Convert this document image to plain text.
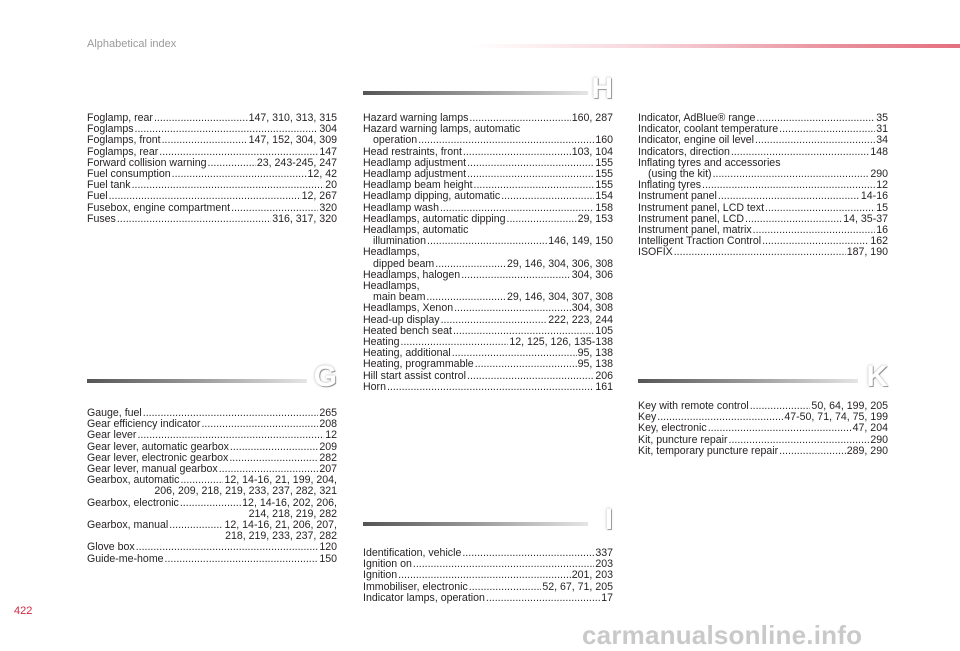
Alphabetical index
H
G	K
I
Foglamp, rear .....	147, 310, 313, 315
Foglamps .....	304
Foglamps, front .....	147, 152, 304, 309
Foglamps, rear .....	147
Forward collision warning .....	23, 243-245, 247
Fuel consumption .....	12, 42
Fuel tank .....	20
Fuel .....	12, 267
Fusebox, engine compartment .....	320
Fuses .....	316, 317, 320
Gauge, fuel .....	265
Gear efficiency indicator .....	208
Gear lever .....	12
Gear lever, automatic gearbox .....	209
Gear lever, electronic gearbox .....	282
Gear lever, manual gearbox .....	207
Gearbox, automatic .....	12, 14-16, 21, 199, 204,
206, 209, 218, 219, 233, 237, 282, 321
Gearbox, electronic .....	12, 14-16, 202, 206,
214, 218, 219, 282
Gearbox, manual .....	12, 14-16, 21, 206, 207,
218, 219, 233, 237, 282
Glove box .....	120
Guide-me-home .....	150
Hazard warning lamps .....	160, 287
Hazard warning lamps, automatic
operation .....	160
Head restraints, front .....	103, 104
Headlamp adjustment .....	155
Headlamp adjustment .....	155
Headlamp beam height .....	155
Headlamp dipping, automatic .....	154
Headlamp wash .....	158
Headlamps, automatic dipping .....	29, 153
Headlamps, automatic
illumination .....	146, 149, 150
Headlamps,
dipped beam .....	29, 146, 304, 306, 308
Headlamps, halogen .....	304, 306
Headlamps,
main beam .....	29, 146, 304, 307, 308
Headlamps, Xenon .....	304, 308
Head-up display .....	222, 223, 244
Heated bench seat .....	105
Heating .....	12, 125, 126, 135-138
Heating, additional .....	95, 138
Heating, programmable .....	95, 138
Hill start assist control .....	206
Horn .....	161
Identification, vehicle .....	337
Ignition on .....	203
Ignition .....	201, 203
Immobiliser, electronic .....	52, 67, 71, 205
Indicator lamps, operation .....	17
Indicator, AdBlue® range .....	35
Indicator, coolant temperature .....	31
Indicator, engine oil level .....	34
Indicators, direction .....	148
Inflating tyres and accessories
(using the kit) .....	290
Inflating tyres .....	12
Instrument panel .....	14-16
Instrument panel, LCD text .....	15
Instrument panel, LCD .....	14, 35-37
Instrument panel, matrix .....	16
Intelligent Traction Control .....	162
ISOFIX .....	187, 190
Key with remote control .....	50, 64, 199, 205
Key .....	47-50, 71, 74, 75, 199
Key, electronic .....	47, 204
Kit, puncture repair .....	290
Kit, temporary puncture repair .....	289, 290
422
carmanualsonline.info
